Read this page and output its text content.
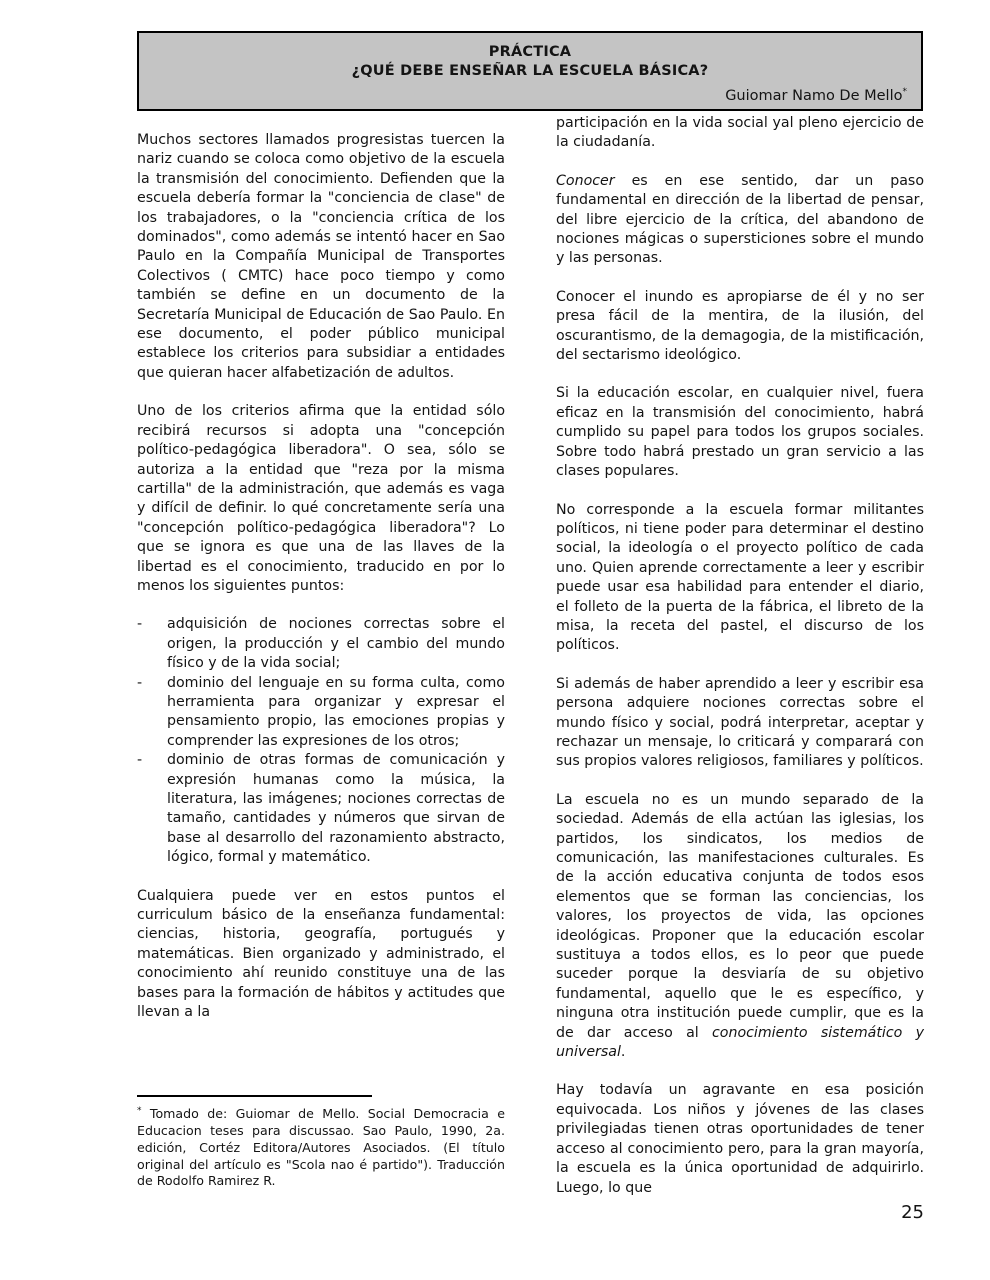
PRÁCTICA
¿QUÉ DEBE ENSEÑAR LA ESCUELA BÁSICA?
Guiomar Namo De Mello*

Muchos sectores llamados progresistas tuercen la nariz cuando se coloca como objetivo de la escuela la transmisión del conocimiento. Defienden que la escuela debería formar la "conciencia de clase" de los trabajadores, o la "conciencia crítica de los dominados", como además se intentó hacer en Sao Paulo en la Compañía Municipal de Transportes Colectivos ( CMTC) hace poco tiempo y como también se define en un documento de la Secretaría Municipal de Educación de Sao Paulo. En ese documento, el poder público municipal establece los criterios para subsidiar a entidades que quieran hacer alfabetización de adultos.

Uno de los criterios afirma que la entidad sólo recibirá recursos si adopta una "concepción político-pedagógica liberadora". O sea, sólo se autoriza a la entidad que "reza por la misma cartilla" de la administración, que además es vaga y difícil de definir. lo qué concretamente sería una "concepción político-pedagógica liberadora"? Lo que se ignora es que una de las llaves de la libertad es el conocimiento, traducido en por lo menos los siguientes puntos:

-	adquisición de nociones correctas sobre el origen, la producción y el cambio del mundo físico y de la vida social;
-	dominio del lenguaje en su forma culta, como herramienta para organizar y expresar el pensamiento propio, las emociones propias y comprender las expresiones de los otros;
-	dominio de otras formas de comunicación y expresión humanas como la música, la literatura, las imágenes; nociones correctas de tamaño, cantidades y números que sirvan de base al desarrollo del razonamiento abstracto, lógico, formal y matemático.

Cualquiera puede ver en estos puntos el curriculum básico de la enseñanza fundamental: ciencias, historia, geografía, portugués y matemáticas. Bien organizado y administrado, el conocimiento ahí reunido constituye una de las bases para la formación de hábitos y actitudes que llevan a la

participación en la vida social yal pleno ejercicio de la ciudadanía.

Conocer es en ese sentido, dar un paso fundamental en dirección de la libertad de pensar, del libre ejercicio de la crítica, del abandono de nociones mágicas o supersticiones sobre el mundo y las personas.

Conocer el inundo es apropiarse de él y no ser presa fácil de la mentira, de la ilusión, del oscurantismo, de la demagogia, de la mistificación, del sectarismo ideológico.

Si la educación escolar, en cualquier nivel, fuera eficaz en la transmisión del conocimiento, habrá cumplido su papel para todos los grupos sociales. Sobre todo habrá prestado un gran servicio a las clases populares.

No corresponde a la escuela formar militantes políticos, ni tiene poder para determinar el destino social, la ideología o el proyecto político de cada uno. Quien aprende correctamente a leer y escribir puede usar esa habilidad para entender el diario, el folleto de la puerta de la fábrica, el libreto de la misa, la receta del pastel, el discurso de los políticos.

Si además de haber aprendido a leer y escribir esa persona adquiere nociones correctas sobre el mundo físico y social, podrá interpretar, aceptar y rechazar un mensaje, lo criticará y comparará con sus propios valores religiosos, familiares y políticos.

La escuela no es un mundo separado de la sociedad. Además de ella actúan las iglesias, los partidos, los sindicatos, los medios de comunicación, las manifestaciones culturales. Es de la acción educativa conjunta de todos esos elementos que se forman las conciencias, los valores, los proyectos de vida, las opciones ideológicas. Proponer que la educación escolar sustituya a todos ellos, es lo peor que puede suceder porque la desviaría de su objetivo fundamental, aquello que le es específico, y ninguna otra institución puede cumplir, que es la de dar acceso al conocimiento sistemático y universal.

Hay todavía un agravante en esa posición equivocada. Los niños y jóvenes de las clases privilegiadas tienen otras oportunidades de tener acceso al conocimiento pero, para la gran mayoría, la escuela es la única oportunidad de adquirirlo. Luego, lo que

* Tomado de: Guiomar de Mello. Social Democracia e Educacion teses para discussao. Sao Paulo, 1990, 2a. edición, Cortéz Editora/Autores Asociados. (El título original del artículo es "Scola nao é partido"). Traducción de Rodolfo Ramirez R.
25
